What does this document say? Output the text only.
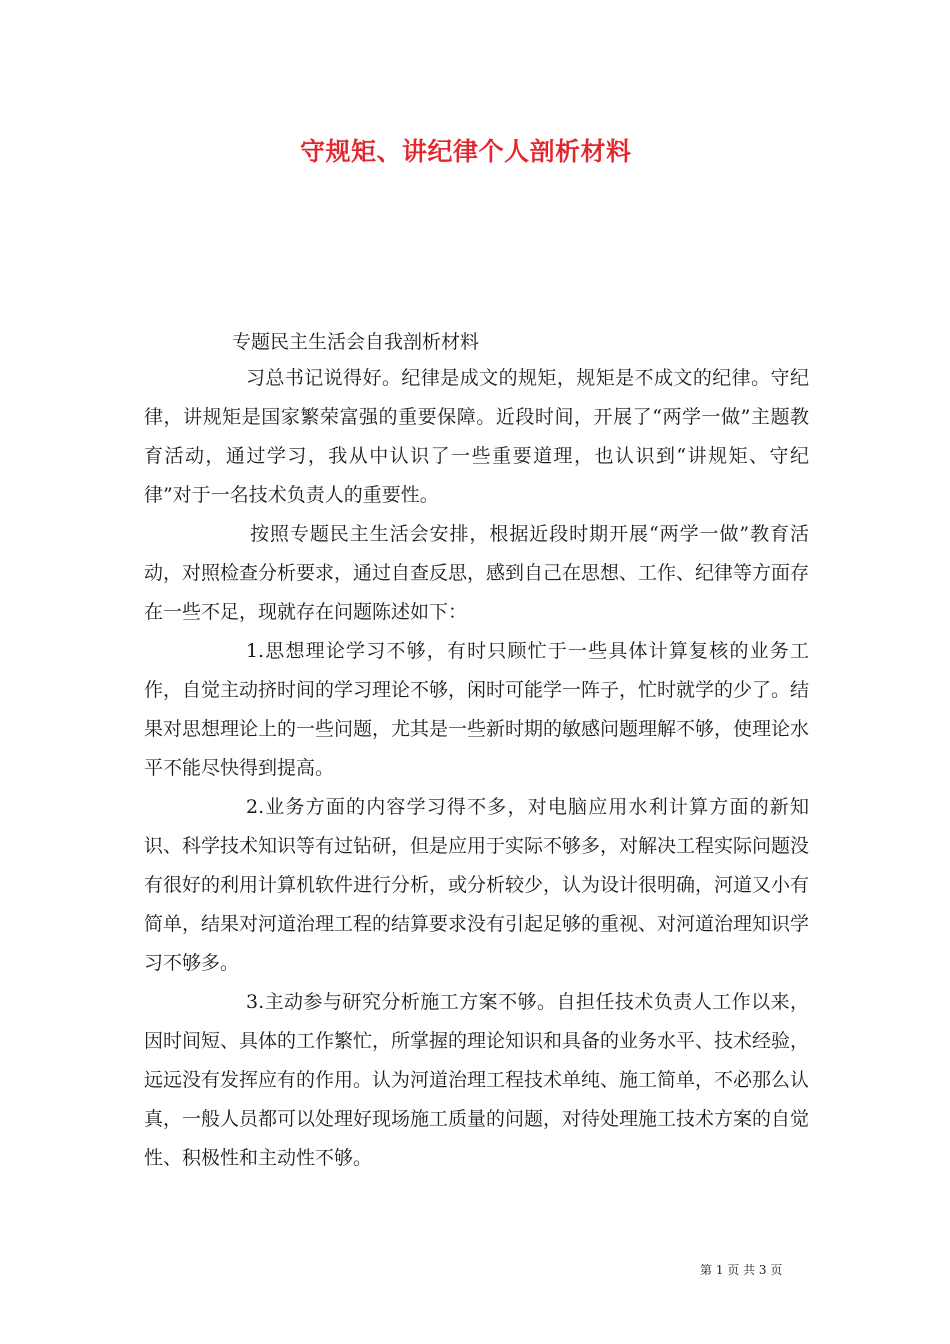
守规矩、讲纪律个人剖析材料

专题民主生活会自我剖析材料

习总书记说得好。纪律是成文的规矩，规矩是不成文的纪律。守纪律，讲规矩是国家繁荣富强的重要保障。近段时间，开展了“两学一做”主题教育活动，通过学习，我从中认识了一些重要道理，也认识到“讲规矩、守纪律”对于一名技术负责人的重要性。

按照专题民主生活会安排，根据近段时期开展“两学一做”教育活动，对照检查分析要求，通过自查反思，感到自己在思想、工作、纪律等方面存在一些不足，现就存在问题陈述如下：

1.思想理论学习不够，有时只顾忙于一些具体计算复核的业务工作，自觉主动挤时间的学习理论不够，闲时可能学一阵子，忙时就学的少了。结果对思想理论上的一些问题，尤其是一些新时期的敏感问题理解不够，使理论水平不能尽快得到提高。

2.业务方面的内容学习得不多，对电脑应用水利计算方面的新知识、科学技术知识等有过钻研，但是应用于实际不够多，对解决工程实际问题没有很好的利用计算机软件进行分析，或分析较少，认为设计很明确，河道又小有简单，结果对河道治理工程的结算要求没有引起足够的重视、对河道治理知识学习不够多。

3.主动参与研究分析施工方案不够。自担任技术负责人工作以来，因时间短、具体的工作繁忙，所掌握的理论知识和具备的业务水平、技术经验，远远没有发挥应有的作用。认为河道治理工程技术单纯、施工简单，不必那么认真，一般人员都可以处理好现场施工质量的问题，对待处理施工技术方案的自觉性、积极性和主动性不够。

第 1 页 共 3 页
